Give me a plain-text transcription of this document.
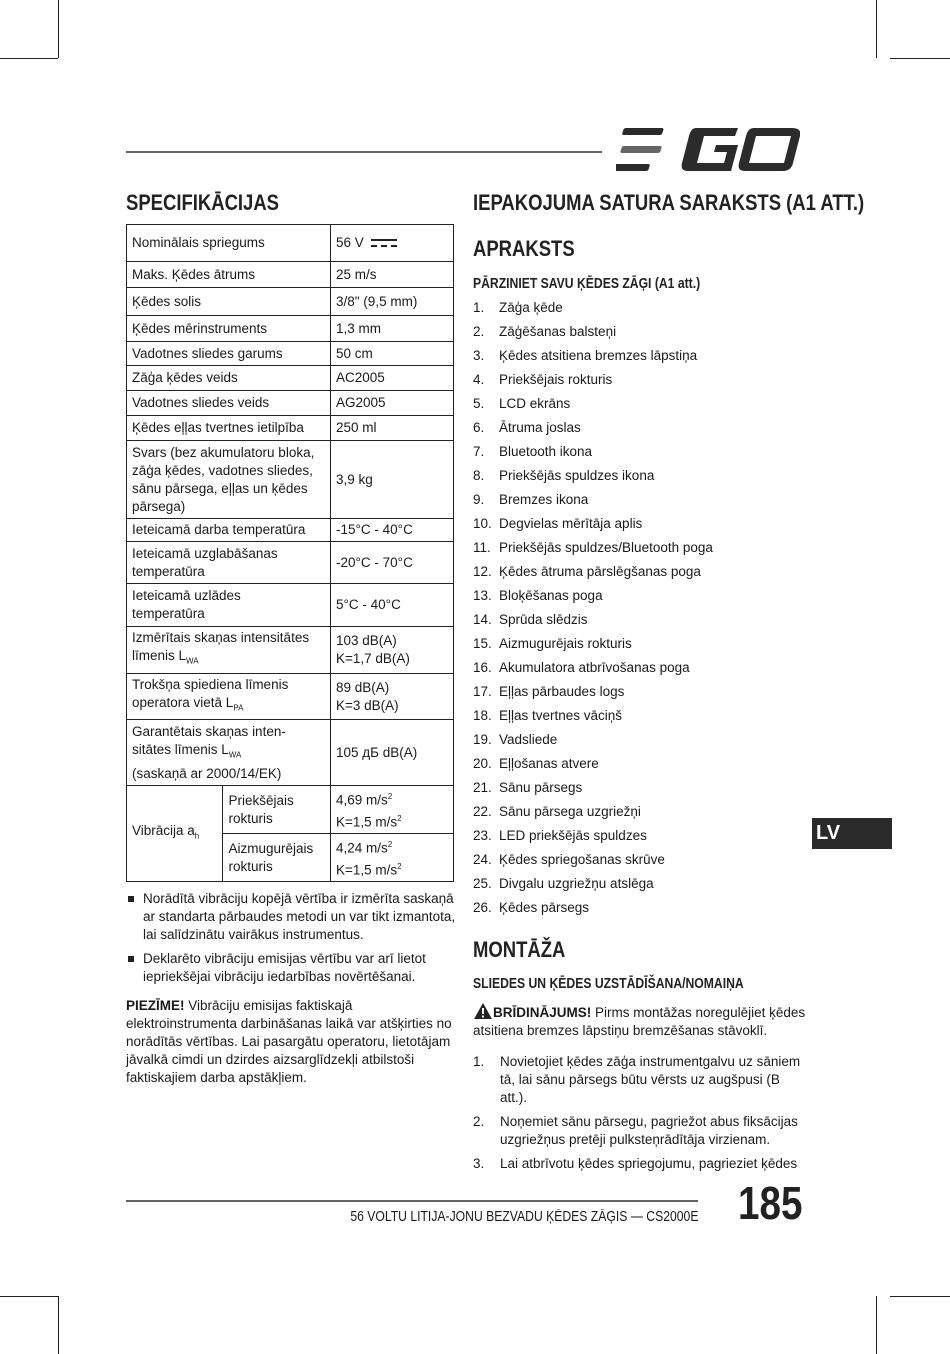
SPECIFIKĀCIJAS
Nominālais spriegums		56 V
Maks. Ķēdes ātrums		25 m/s
Ķēdes solis		3/8" (9,5 mm)
Ķēdes mērinstruments		1,3 mm
Vadotnes sliedes garums		50 cm
Zāģa ķēdes veids		AC2005
Vadotnes sliedes veids		AG2005
Ķēdes eļļas tvertnes ietilpība		250 ml
Svars (bez akumulatoru bloka, zāģa ķēdes, vadotnes sliedes, sānu pārsega, eļļas un ķēdes pārsega)		3,9 kg
Ieteicamā darba temperatūra		-15°C - 40°C
Ieteicamā uzglabāšanas temperatūra		-20°C - 70°C
Ieteicamā uzlādes temperatūra		5°C - 40°C
Izmērītais skaņas intensitātes līmenis $L_{WA}$		103 dB(A)
K=1,7 dB(A)
Trokšņa spiediena līmenis
operatora vietā $L_{PA}$		89 dB(A)
K=3 dB(A)
Garantētais skaņas inten-
sitātes līmenis $L_{WA}$
(saskaņā ar 2000/14/EK)		105 дБ dB(A)
Vibrācija $a_h$	Priekšējais rokturis	4,69 $m/s^2$
K=1,5 $m/s^2$
	Aizmugurējais rokturis	4,24 $m/s^2$
K=1,5 $m/s^2$
Norādītā vibrāciju kopējā vērtība ir izmērīta saskaņā ar standarta pārbaudes metodi un var tikt izmantota, lai salīdzinātu vairākus instrumentus.
Deklarēto vibrāciju emisijas vērtību var arī lietot iepriekšējai vibrāciju iedarbības novērtēšanai.
PIEZĪME! Vibrāciju emisijas faktiskajā elektroinstrumenta darbināšanas laikā var atšķirties no norādītās vērtības. Lai pasargātu operatoru, lietotājam jāvalkā cimdi un dzirdes aizsarglīdzekļi atbilstoši faktiskajiem darba apstākļiem.
IEPAKOJUMA SATURA SARAKSTS (A1 ATT.)
APRAKSTS
PĀRZINIET SAVU ĶĒDES ZĀĢI (A1 att.)
1.	Zāģa ķēde
2.	Zāģēšanas balsteņi
3.	Ķēdes atsitiena bremzes lāpstiņa
4.	Priekšējais rokturis
5.	LCD ekrāns
6.	Ātruma joslas
7.	Bluetooth ikona
8.	Priekšējās spuldzes ikona
9.	Bremzes ikona
10. Degvielas mērītāja aplis
11. Priekšējās spuldzes/Bluetooth poga
12. Ķēdes ātruma pārslēgšanas poga
13. Bloķēšanas poga
14. Sprūda slēdzis
15. Aizmugurējais rokturis
16. Akumulatora atbrīvošanas poga
17. Eļļas pārbaudes logs
18. Eļļas tvertnes vāciņš
19. Vadsliede
20. Eļļošanas atvere
21. Sānu pārsegs
22. Sānu pārsega uzgriežņi
23. LED priekšējās spuldzes
24. Ķēdes spriegošanas skrūve
25. Divgalu uzgriežņu atslēga
26. Ķēdes pārsegs
MONTĀŽA
SLIEDES UN ĶĒDES UZSTĀDĪŠANA/NOMAIŅA
BRĪDINĀJUMS! Pirms montāžas noregulējiet ķēdes atsitiena bremzes lāpstiņu bremzēšanas stāvoklī.
1. Novietojiet ķēdes zāģa instrumentgalvu uz sāniem tā, lai sānu pārsegs būtu vērsts uz augšpusi (B att.).
2. Noņemiet sānu pārsegu, pagriežot abus fiksācijas uzgriežņus pretēji pulksteņrādītāja virzienam.
3. Lai atbrīvotu ķēdes spriegojumu, pagrieziet ķēdes
LV
56 VOLTU LITIJA-JONU BEZVADU ĶĒDES ZĀĢIS — CS2000E 185
